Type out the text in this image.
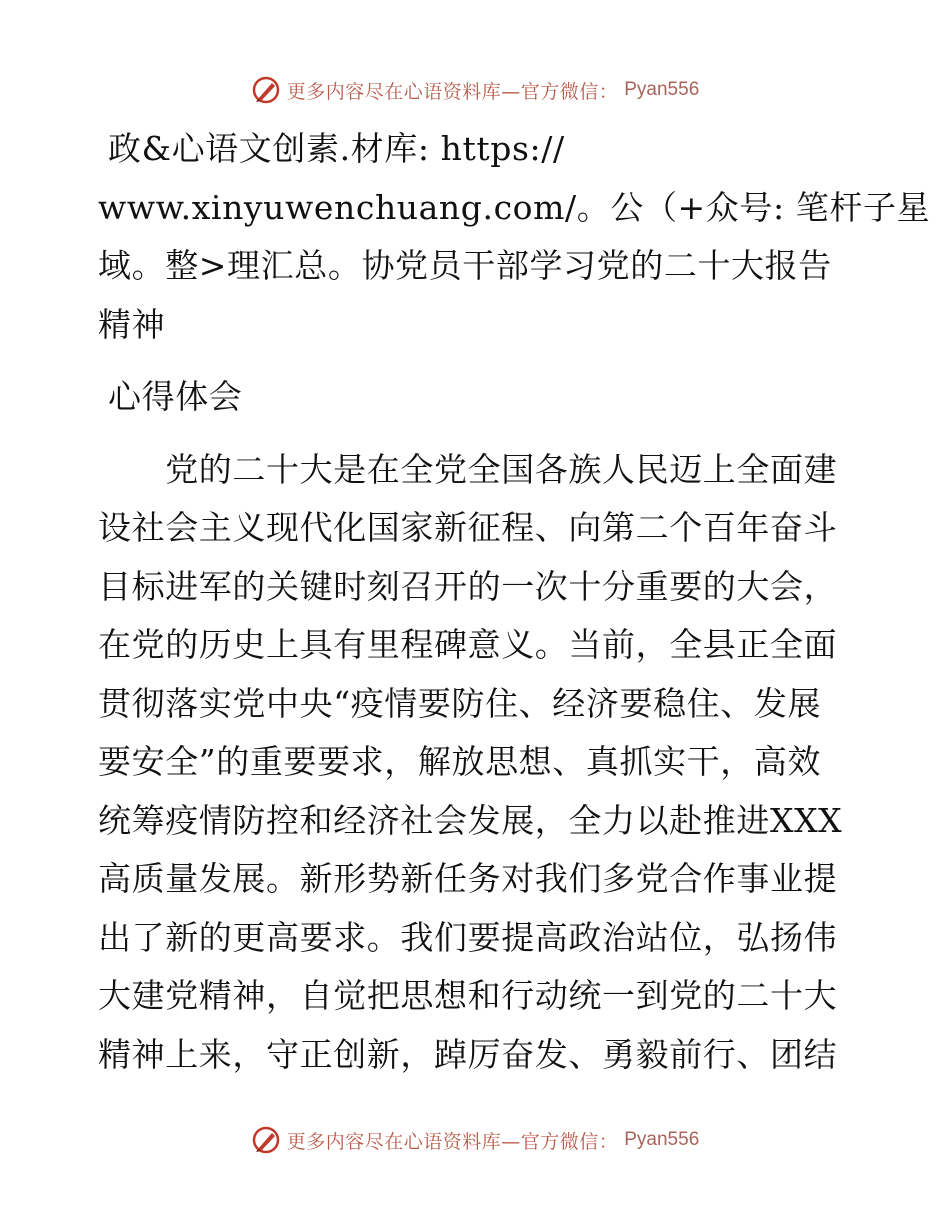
更多内容尽在心语资料库—官方微信： Pyan556
政&心语文创素.材库: https://
www.xinyuwenchuang.com/。公（+众号: 笔杆子星
域。整>理汇总。协党员干部学习党的二十大报告
精神
心得体会
　　党的二十大是在全党全国各族人民迈上全面建
设社会主义现代化国家新征程、向第二个百年奋斗
目标进军的关键时刻召开的一次十分重要的大会，
在党的历史上具有里程碑意义。当前，全县正全面
贯彻落实党中央“疫情要防住、经济要稳住、发展
要安全”的重要要求，解放思想、真抓实干，高效
统筹疫情防控和经济社会发展，全力以赴推进XXX
高质量发展。新形势新任务对我们多党合作事业提
出了新的更高要求。我们要提高政治站位，弘扬伟
大建党精神，自觉把思想和行动统一到党的二十大
精神上来，守正创新，踔厉奋发、勇毅前行、团结
更多内容尽在心语资料库—官方微信： Pyan556
